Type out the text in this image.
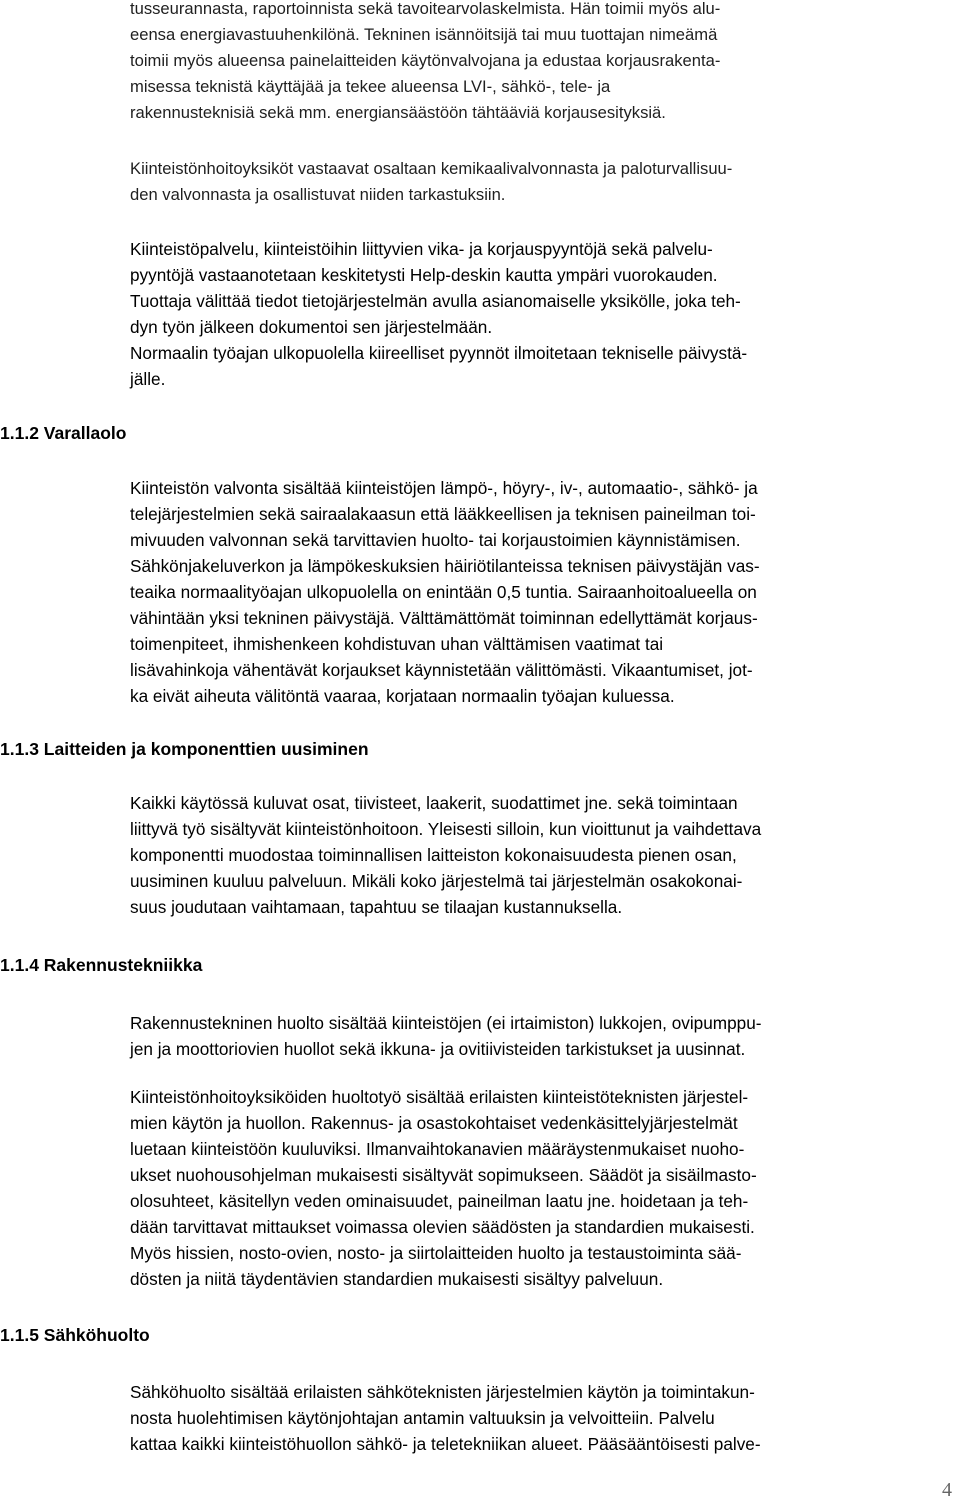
tusseurannasta, raportoinnista sekä tavoitearvolaskelmista. Hän toimii myös alu-
eensa energiavastuuhenkilönä. Tekninen isännöitsijä tai muu tuottajan nimeämä
toimii myös alueensa painelaitteiden käytönvalvojana ja edustaa korjausrakenta-
misessa teknistä käyttäjää ja tekee alueensa LVI-, sähkö-, tele- ja
rakennusteknisiä sekä mm. energiansäästöön tähtääviä korjausesityksiä.
Kiinteistönhoitoyksiköt vastaavat osaltaan kemikaalivalvonnasta ja paloturvallisuu-
den valvonnasta ja osallistuvat niiden tarkastuksiin.
Kiinteistöpalvelu, kiinteistöihin liittyvien vika- ja korjauspyyntöjä sekä palvelu-
pyyntöjä vastaanotetaan keskitetysti Help-deskin kautta ympäri vuorokauden.
Tuottaja välittää tiedot tietojärjestelmän avulla asianomaiselle yksikölle, joka teh-
dyn työn jälkeen dokumentoi sen järjestelmään.
Normaalin työajan ulkopuolella kiireelliset pyynnöt ilmoitetaan tekniselle päivystä-
jälle.
1.1.2 Varallaolo
Kiinteistön valvonta sisältää kiinteistöjen lämpö-, höyry-, iv-, automaatio-, sähkö- ja
telejärjestelmien sekä sairaalakaasun että lääkkeellisen ja teknisen paineilman toi-
mivuuden valvonnan sekä tarvittavien huolto- tai korjaustoimien käynnistämisen.
Sähkönjakeluverkon ja lämpökeskuksien häiriötilanteissa teknisen päivystäjän vas-
teaika normaalityöajan ulkopuolella on enintään 0,5 tuntia. Sairaanhoitoalueella on
vähintään yksi tekninen päivystäjä. Välttämättömät toiminnan edellyttämät korjaus-
toimenpiteet, ihmishenkeen kohdistuvan uhan välttämisen vaatimat tai
lisävahinkoja vähentävät korjaukset käynnistetään välittömästi. Vikaantumiset, jot-
ka eivät aiheuta välitöntä vaaraa, korjataan normaalin työajan kuluessa.
1.1.3 Laitteiden ja komponenttien uusiminen
Kaikki käytössä kuluvat osat, tiivisteet, laakerit, suodattimet jne. sekä toimintaan
liittyvä työ sisältyvät kiinteistönhoitoon. Yleisesti silloin, kun vioittunut ja vaihdettava
komponentti muodostaa toiminnallisen laitteiston kokonaisuudesta pienen osan,
uusiminen kuuluu palveluun. Mikäli koko järjestelmä tai järjestelmän osakokonai-
suus joudutaan vaihtamaan, tapahtuu se tilaajan kustannuksella.
1.1.4 Rakennustekniikka
Rakennustekninen huolto sisältää kiinteistöjen (ei irtaimiston) lukkojen, ovipumppu-
jen ja moottoriovien huollot sekä ikkuna- ja ovitiivisteiden tarkistukset ja uusinnat.
Kiinteistönhoitoyksiköiden huoltotyö sisältää erilaisten kiinteistöteknisten järjestel-
mien käytön ja huollon. Rakennus- ja osastokohtaiset vedenkäsittelyjärjestelmät
luetaan kiinteistöön kuuluviksi. Ilmanvaihtokanavien määräystenmukaiset nuoho-
ukset nuohousohjelman mukaisesti sisältyvät sopimukseen. Säädöt ja sisäilmasto-
olosuhteet, käsitellyn veden ominaisuudet, paineilman laatu jne. hoidetaan ja teh-
dään tarvittavat mittaukset voimassa olevien säädösten ja standardien mukaisesti.
Myös hissien, nosto-ovien, nosto- ja siirtolaitteiden huolto ja testaustoiminta sää-
dösten ja niitä täydentävien standardien mukaisesti sisältyy palveluun.
1.1.5 Sähköhuolto
Sähköhuolto sisältää erilaisten sähköteknisten järjestelmien käytön ja toimintakun-
nosta huolehtimisen käytönjohtajan antamin valtuuksin ja velvoitteiin. Palvelu
kattaa kaikki kiinteistöhuollon sähkö- ja teletekniikan alueet. Pääsääntöisesti palve-
4
